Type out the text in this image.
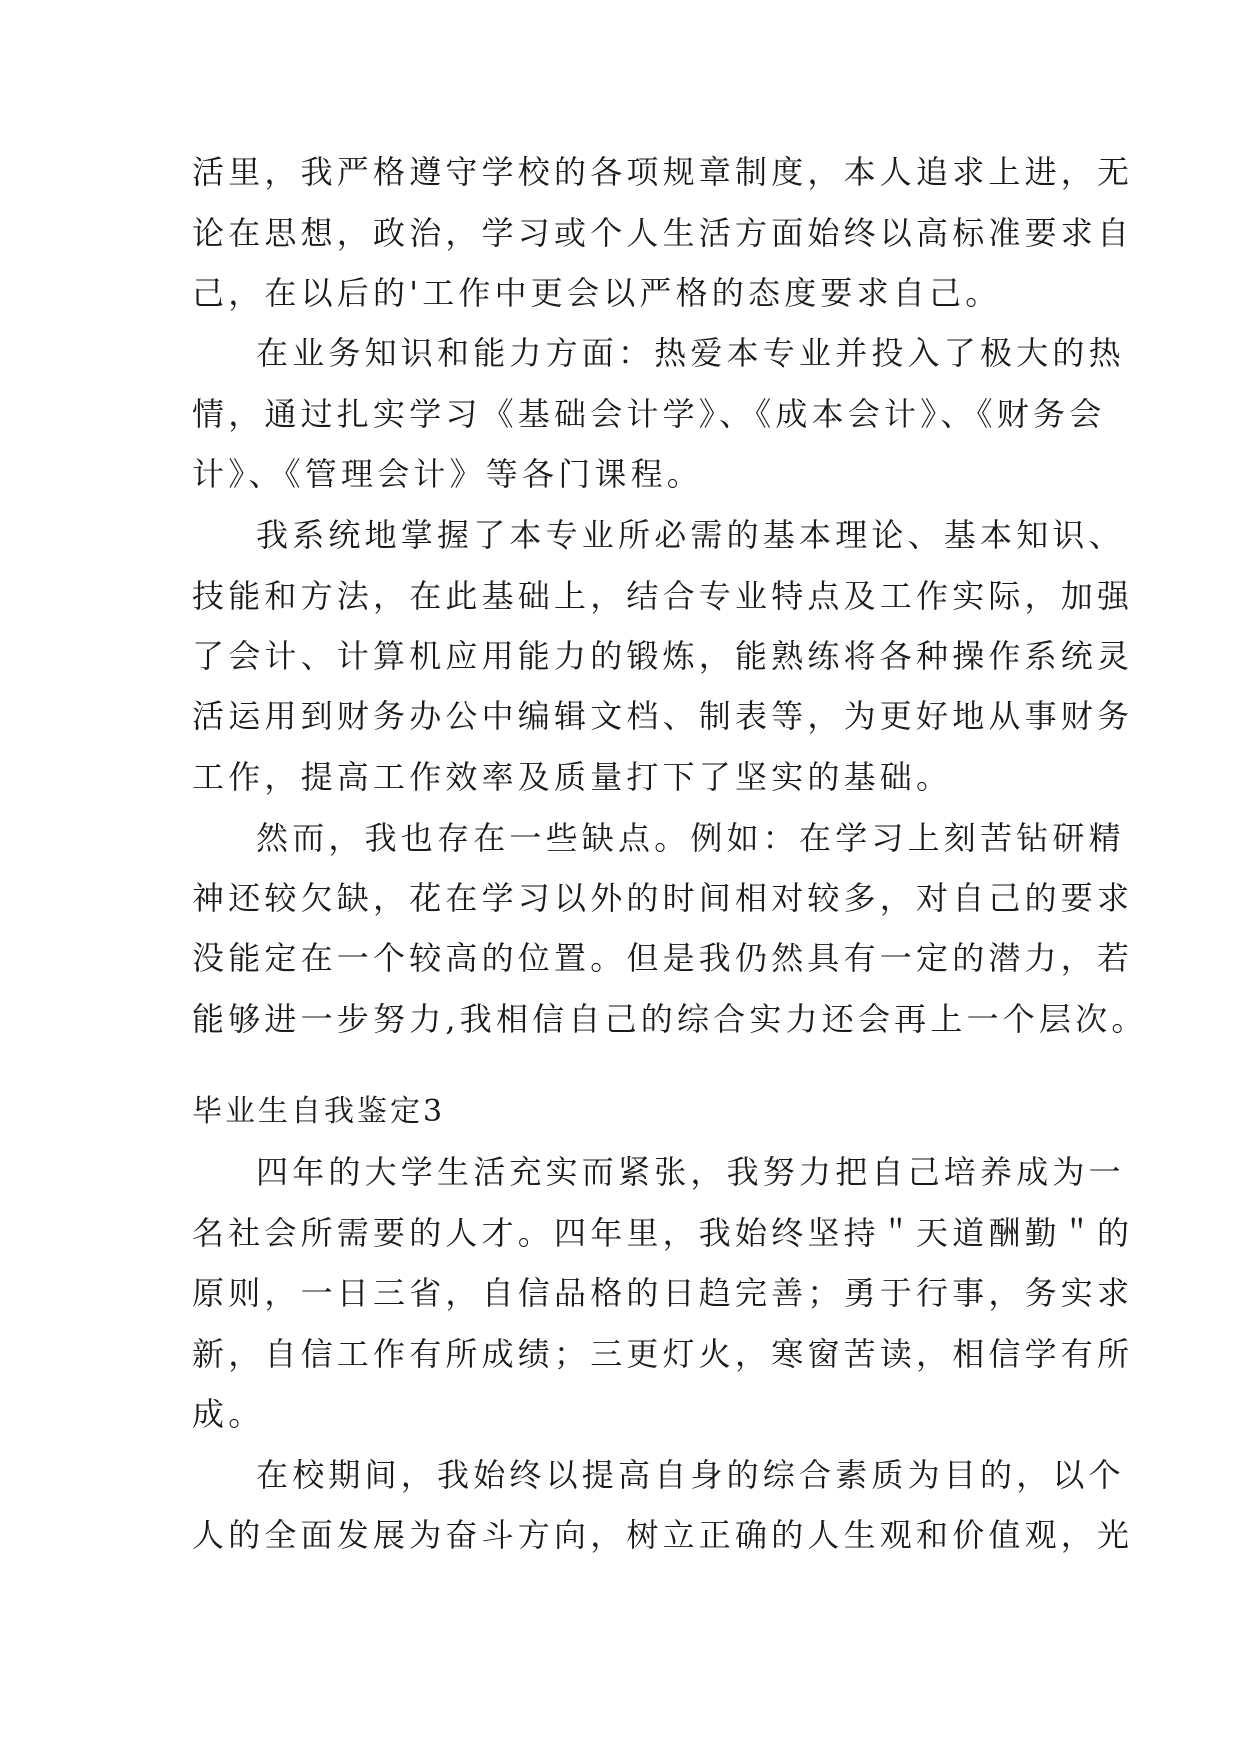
活里，我严格遵守学校的各项规章制度，本人追求上进，无
论在思想，政治，学习或个人生活方面始终以高标准要求自
己，在以后的'工作中更会以严格的态度要求自己。
在业务知识和能力方面：热爱本专业并投入了极大的热
情，通过扎实学习《基础会计学》、《成本会计》、《财务会
计》、《管理会计》等各门课程。
我系统地掌握了本专业所必需的基本理论、基本知识、
技能和方法，在此基础上，结合专业特点及工作实际，加强
了会计、计算机应用能力的锻炼，能熟练将各种操作系统灵
活运用到财务办公中编辑文档、制表等，为更好地从事财务
工作，提高工作效率及质量打下了坚实的基础。
然而，我也存在一些缺点。例如：在学习上刻苦钻研精
神还较欠缺，花在学习以外的时间相对较多，对自己的要求
没能定在一个较高的位置。但是我仍然具有一定的潜力，若
能够进一步努力,我相信自己的综合实力还会再上一个层次。
毕业生自我鉴定3
四年的大学生活充实而紧张，我努力把自己培养成为一
名社会所需要的人才。四年里，我始终坚持＂天道酬勤＂的
原则，一日三省，自信品格的日趋完善；勇于行事，务实求
新，自信工作有所成绩；三更灯火，寒窗苦读，相信学有所
成。
在校期间，我始终以提高自身的综合素质为目的，以个
人的全面发展为奋斗方向，树立正确的人生观和价值观，光
